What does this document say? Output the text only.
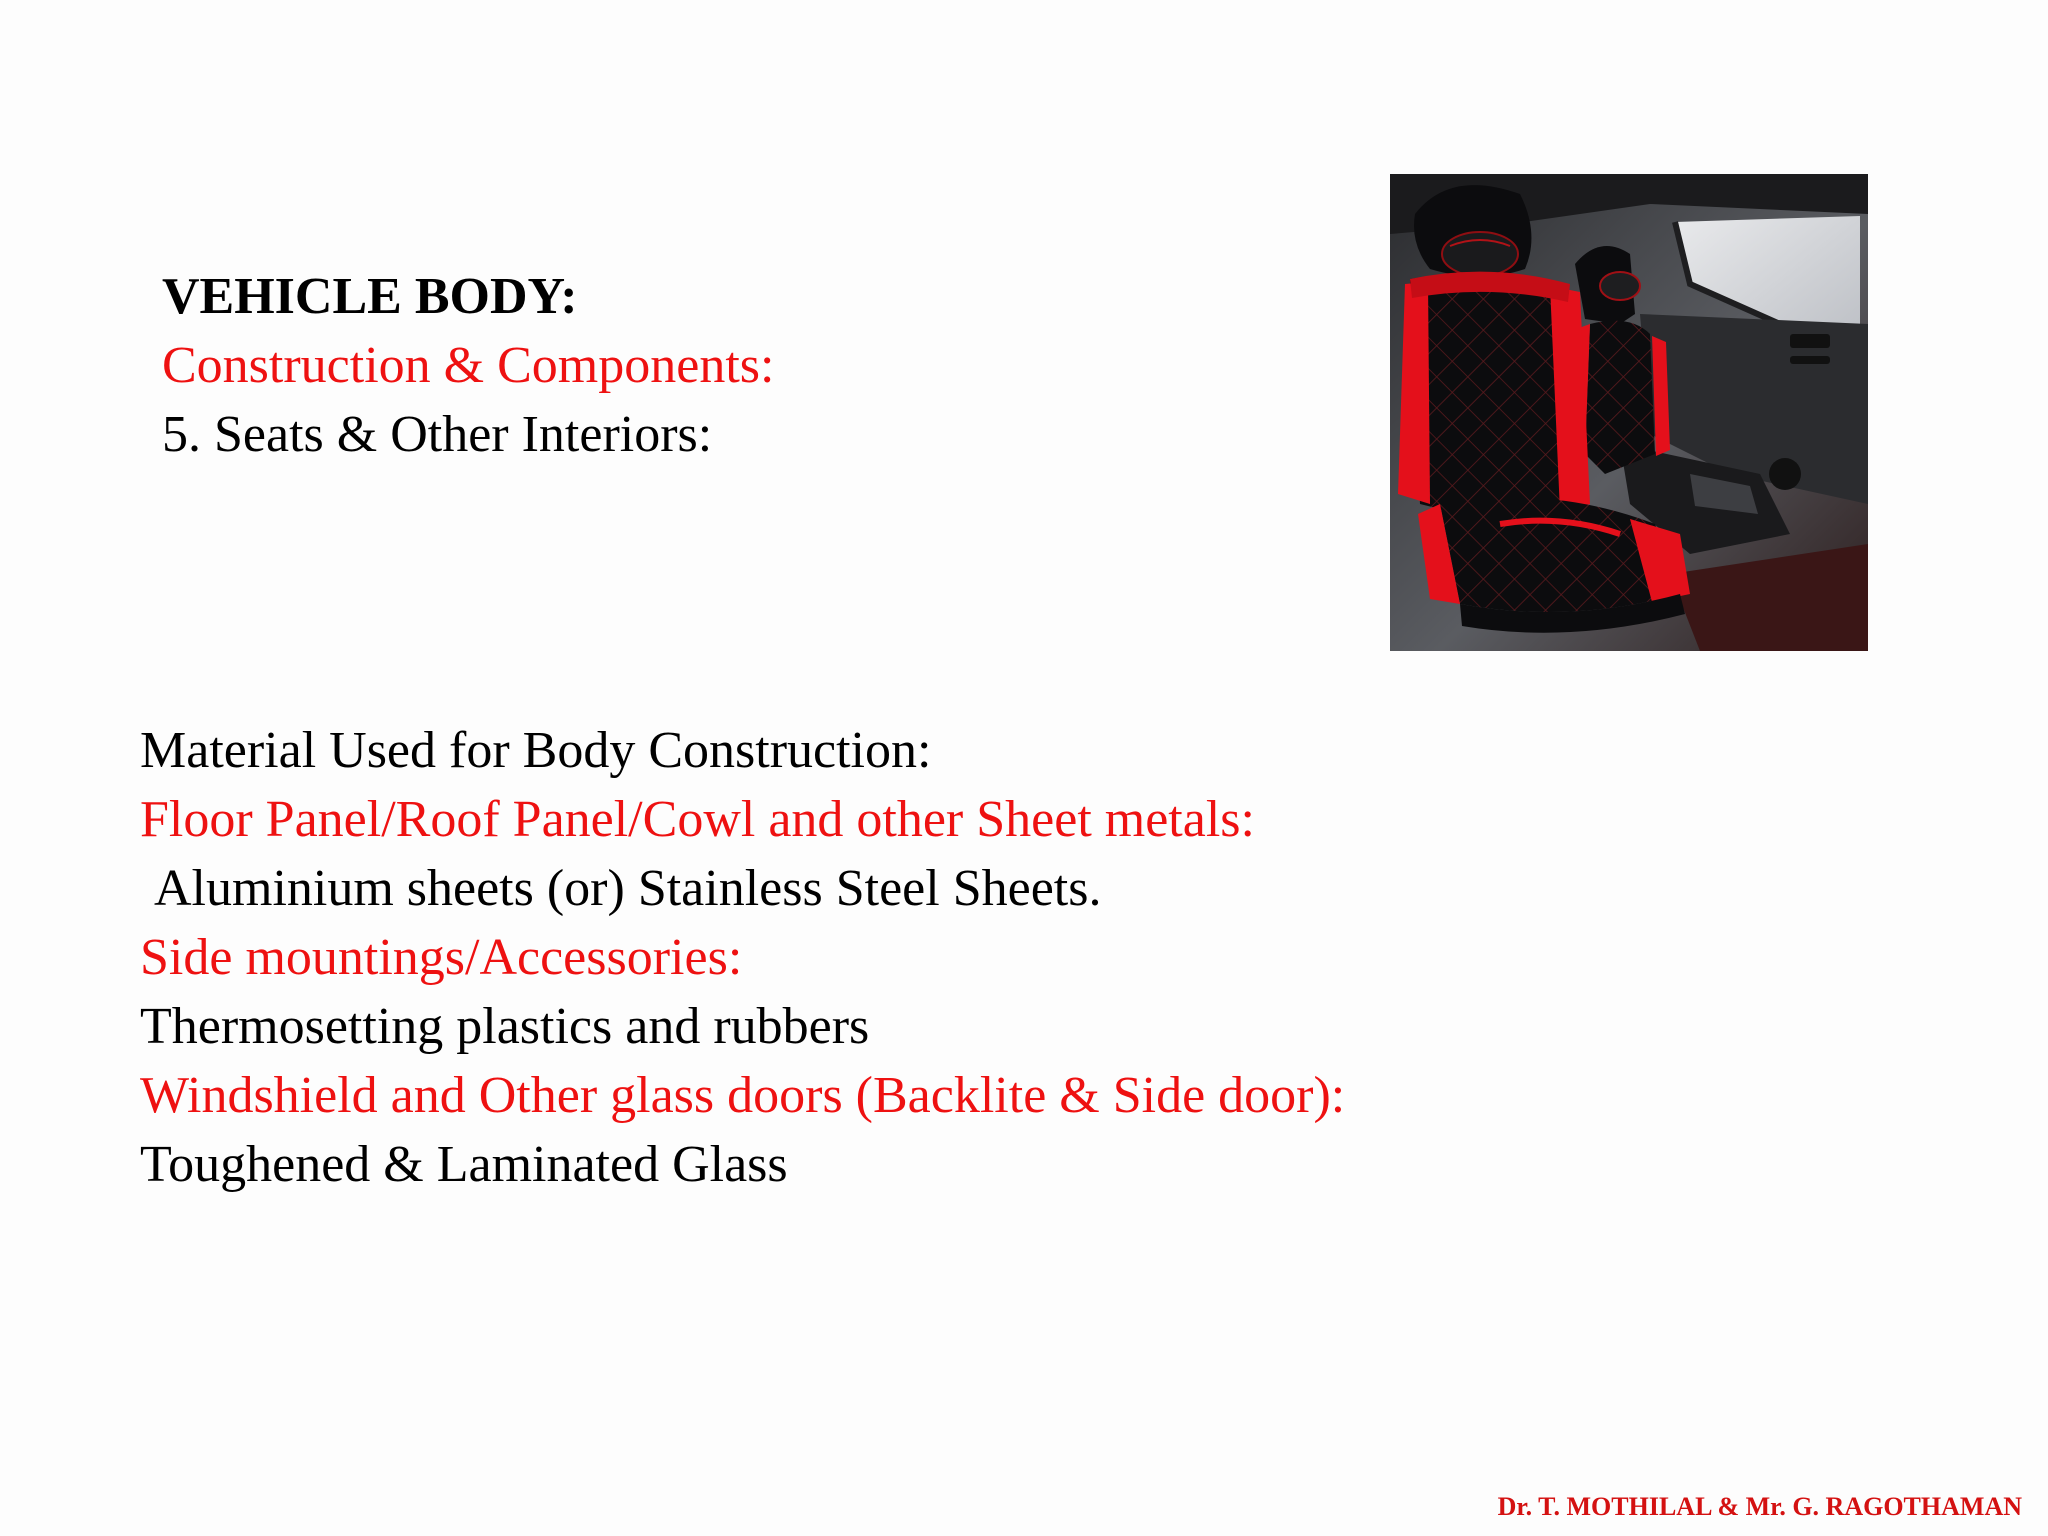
VEHICLE BODY:
Construction & Components:
5. Seats & Other Interiors:
Material Used for Body Construction:
Floor Panel/Roof Panel/Cowl and other Sheet metals:
Aluminium sheets (or) Stainless Steel Sheets.
Side mountings/Accessories:
Thermosetting plastics and rubbers
Windshield and Other glass doors (Backlite & Side door):
Toughened & Laminated Glass
Dr. T. MOTHILAL & Mr. G. RAGOTHAMAN
